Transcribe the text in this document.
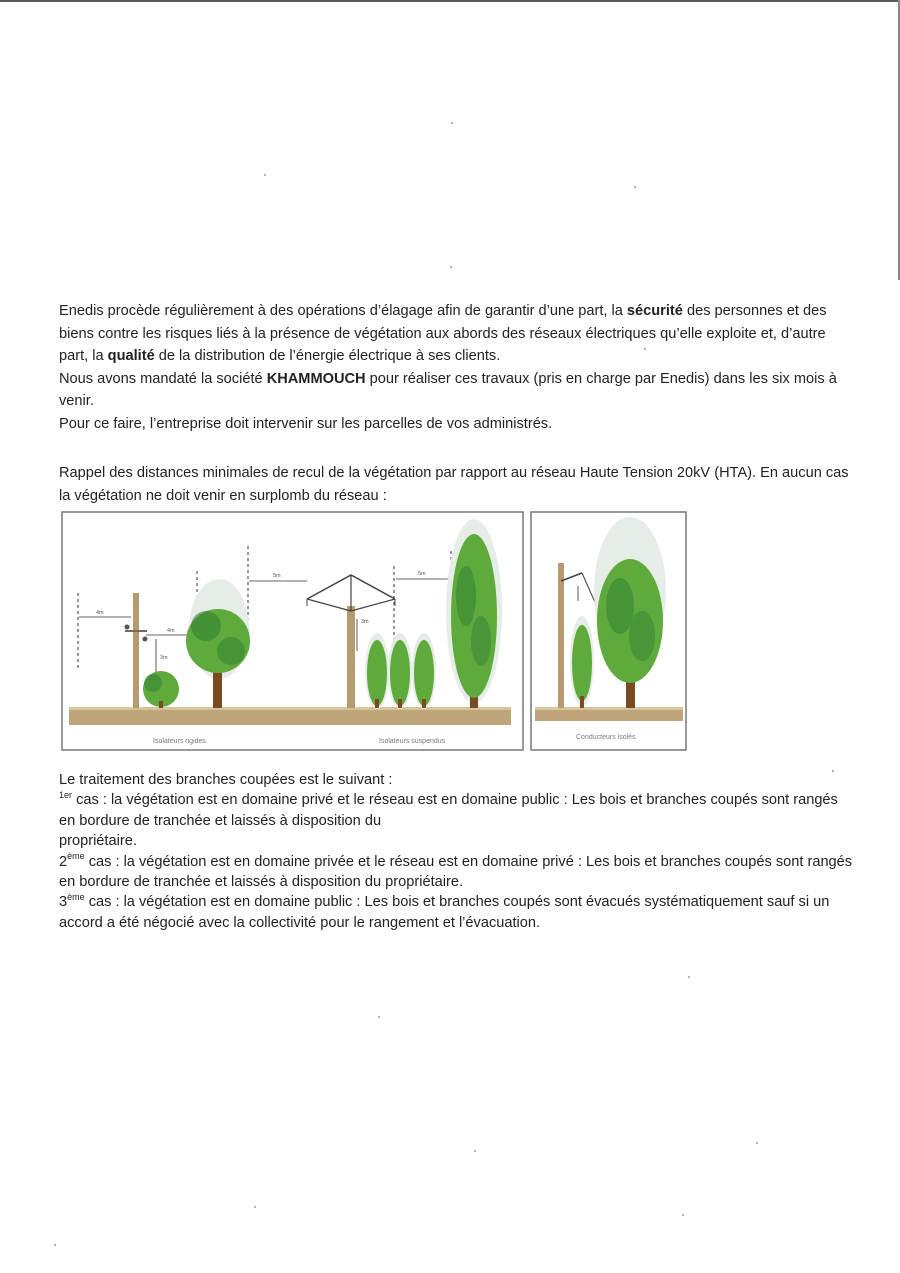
Enedis procède régulièrement à des opérations d’élagage afin de garantir d’une part, la sécurité des personnes et des biens contre les risques liés à la présence de végétation aux abords des réseaux électriques qu’elle exploite et, d’autre part, la qualité de la distribution de l’énergie électrique à ses clients.

Nous avons mandaté la société KHAMMOUCH pour réaliser ces travaux (pris en charge par Enedis) dans les six mois à venir.

Pour ce faire, l’entreprise doit intervenir sur les parcelles de vos administrés.

Rappel des distances minimales de recul de la végétation par rapport au réseau Haute Tension 20kV (HTA). En aucun cas la végétation ne doit venir en surplomb du réseau :

4m
4m
3m
5m
3m
5m
Isolateurs rigides	Isolateurs suspendus
Conducteurs isolés

Le traitement des branches coupées est le suivant :

$^{1er}$ cas : la végétation est en domaine privé et le réseau est en domaine public : Les bois et branches coupés sont rangés en bordure de tranchée et laissés à disposition du

propriétaire.

2ème cas : la végétation est en domaine privée et le réseau est en domaine privé : Les bois et branches coupés sont rangés en bordure de tranchée et laissés à disposition du propriétaire.

3ème cas : la végétation est en domaine public : Les bois et branches coupés sont évacués systématiquement sauf si un accord a été négocié avec la collectivité pour le rangement et l’évacuation.
